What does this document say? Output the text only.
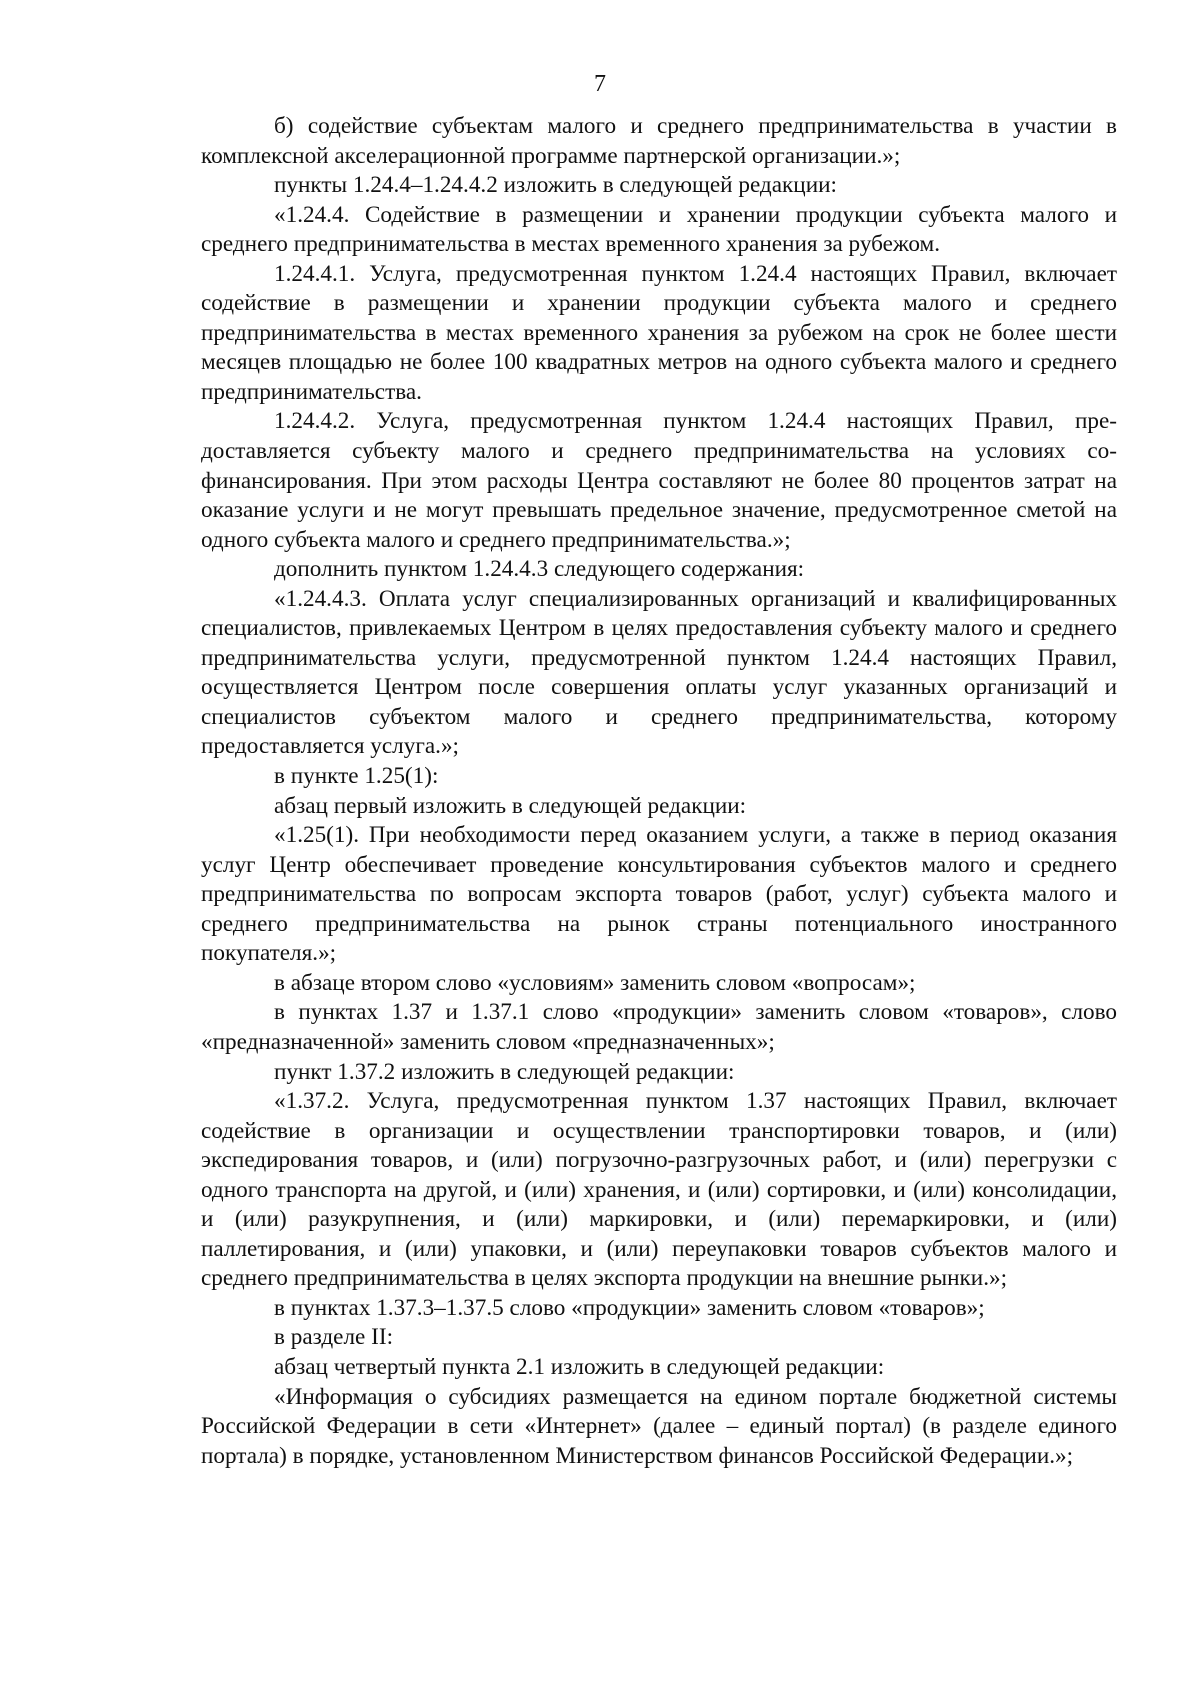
7

б) содействие субъектам малого и среднего предпринимательства в участии в комплексной акселерационной программе партнерской организации.»;

пункты 1.24.4–1.24.4.2 изложить в следующей редакции:

«1.24.4. Содействие в размещении и хранении продукции субъекта малого и среднего предпринимательства в местах временного хранения за рубежом.

1.24.4.1. Услуга, предусмотренная пунктом 1.24.4 настоящих Правил, включает содействие в размещении и хранении продукции субъекта малого и среднего предпринимательства в местах временного хранения за рубежом на срок не более шести месяцев площадью не более 100 квадратных метров на одного субъекта малого и среднего предпринимательства.

1.24.4.2. Услуга, предусмотренная пунктом 1.24.4 настоящих Правил, предоставляется субъекту малого и среднего предпринимательства на условиях софинансирования. При этом расходы Центра составляют не более 80 процентов затрат на оказание услуги и не могут превышать предельное значение, предусмотренное сметой на одного субъекта малого и среднего предпринимательства.»;

дополнить пунктом 1.24.4.3 следующего содержания:

«1.24.4.3. Оплата услуг специализированных организаций и квалифицированных специалистов, привлекаемых Центром в целях предоставления субъекту малого и среднего предпринимательства услуги, предусмотренной пунктом 1.24.4 настоящих Правил, осуществляется Центром после совершения оплаты услуг указанных организаций и специалистов субъектом малого и среднего предпринимательства, которому предоставляется услуга.»;

в пункте 1.25(1):

абзац первый изложить в следующей редакции:

«1.25(1). При необходимости перед оказанием услуги, а также в период оказания услуг Центр обеспечивает проведение консультирования субъектов малого и среднего предпринимательства по вопросам экспорта товаров (работ, услуг) субъекта малого и среднего предпринимательства на рынок страны потенциального иностранного покупателя.»;

в абзаце втором слово «условиям» заменить словом «вопросам»;

в пунктах 1.37 и 1.37.1 слово «продукции» заменить словом «товаров», слово «предназначенной» заменить словом «предназначенных»;

пункт 1.37.2 изложить в следующей редакции:

«1.37.2. Услуга, предусмотренная пунктом 1.37 настоящих Правил, включает содействие в организации и осуществлении транспортировки товаров, и (или) экспедирования товаров, и (или) погрузочно-разгрузочных работ, и (или) перегрузки с одного транспорта на другой, и (или) хранения, и (или) сортировки, и (или) консолидации, и (или) разукрупнения, и (или) маркировки, и (или) перемаркировки, и (или) паллетирования, и (или) упаковки, и (или) переупаковки товаров субъектов малого и среднего предпринимательства в целях экспорта продукции на внешние рынки.»;

в пунктах 1.37.3–1.37.5 слово «продукции» заменить словом «товаров»;

в разделе II:

абзац четвертый пункта 2.1 изложить в следующей редакции:

«Информация о субсидиях размещается на едином портале бюджетной системы Российской Федерации в сети «Интернет» (далее – единый портал) (в разделе единого портала) в порядке, установленном Министерством финансов Российской Федерации.»;
